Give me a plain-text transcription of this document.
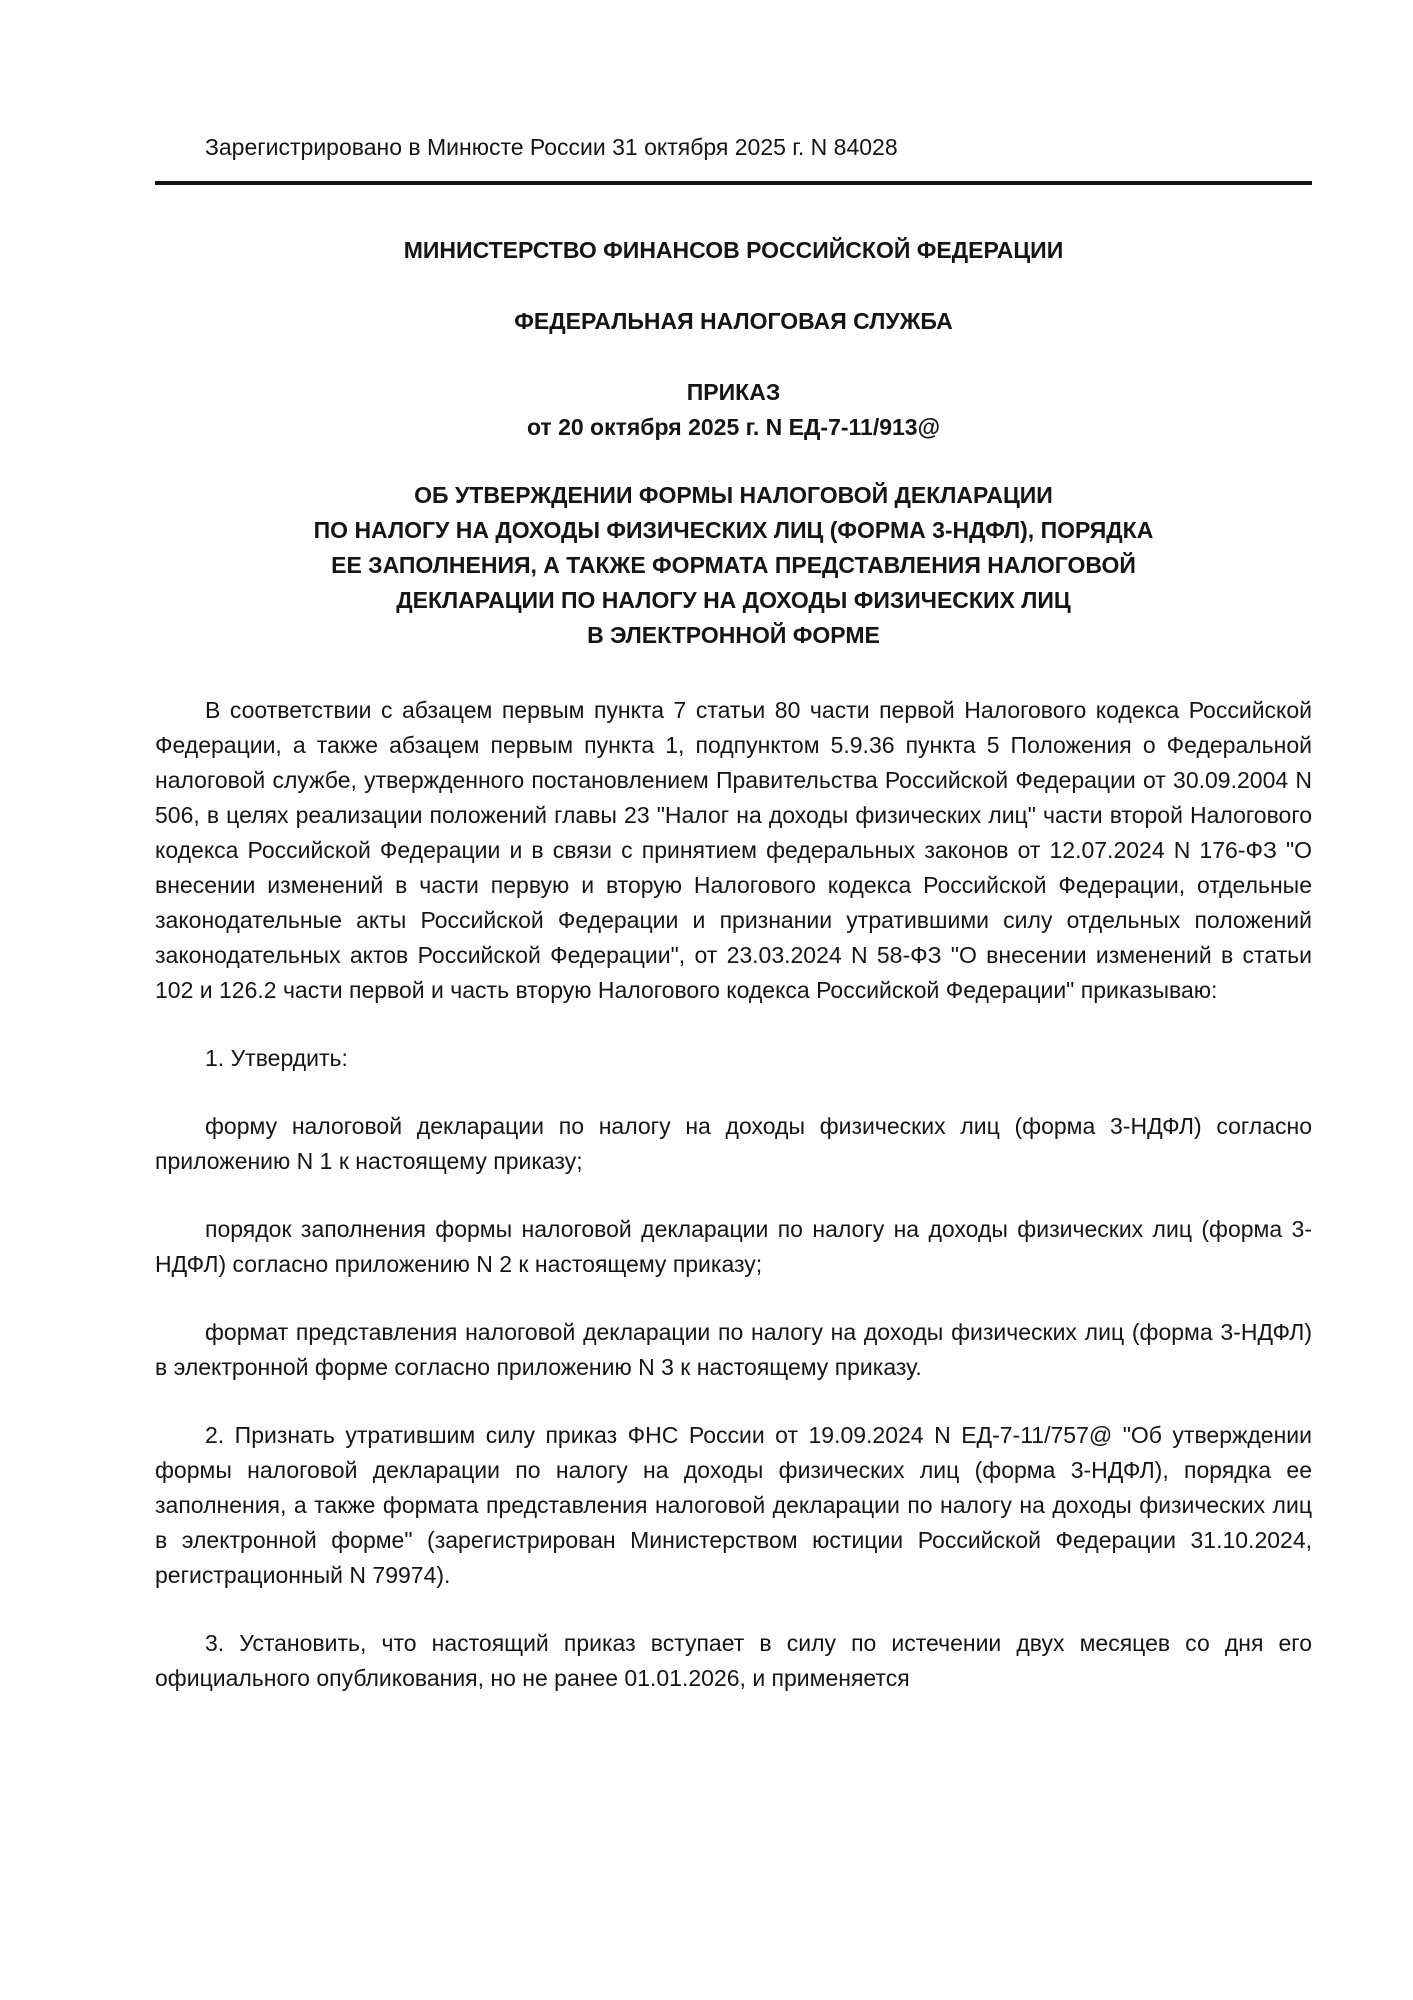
Зарегистрировано в Минюсте России 31 октября 2025 г. N 84028
МИНИСТЕРСТВО ФИНАНСОВ РОССИЙСКОЙ ФЕДЕРАЦИИ
ФЕДЕРАЛЬНАЯ НАЛОГОВАЯ СЛУЖБА
ПРИКАЗ
от 20 октября 2025 г. N ЕД-7-11/913@
ОБ УТВЕРЖДЕНИИ ФОРМЫ НАЛОГОВОЙ ДЕКЛАРАЦИИ
ПО НАЛОГУ НА ДОХОДЫ ФИЗИЧЕСКИХ ЛИЦ (ФОРМА 3-НДФЛ), ПОРЯДКА
ЕЕ ЗАПОЛНЕНИЯ, А ТАКЖЕ ФОРМАТА ПРЕДСТАВЛЕНИЯ НАЛОГОВОЙ
ДЕКЛАРАЦИИ ПО НАЛОГУ НА ДОХОДЫ ФИЗИЧЕСКИХ ЛИЦ
В ЭЛЕКТРОННОЙ ФОРМЕ

В соответствии с абзацем первым пункта 7 статьи 80 части первой Налогового кодекса Российской Федерации, а также абзацем первым пункта 1, подпунктом 5.9.36 пункта 5 Положения о Федеральной налоговой службе, утвержденного постановлением Правительства Российской Федерации от 30.09.2004 N 506, в целях реализации положений главы 23 "Налог на доходы физических лиц" части второй Налогового кодекса Российской Федерации и в связи с принятием федеральных законов от 12.07.2024 N 176-ФЗ "О внесении изменений в части первую и вторую Налогового кодекса Российской Федерации, отдельные законодательные акты Российской Федерации и признании утратившими силу отдельных положений законодательных актов Российской Федерации", от 23.03.2024 N 58-ФЗ "О внесении изменений в статьи 102 и 126.2 части первой и часть вторую Налогового кодекса Российской Федерации" приказываю:

1. Утвердить:

форму налоговой декларации по налогу на доходы физических лиц (форма 3-НДФЛ) согласно приложению N 1 к настоящему приказу;

порядок заполнения формы налоговой декларации по налогу на доходы физических лиц (форма 3-НДФЛ) согласно приложению N 2 к настоящему приказу;

формат представления налоговой декларации по налогу на доходы физических лиц (форма 3-НДФЛ) в электронной форме согласно приложению N 3 к настоящему приказу.

2. Признать утратившим силу приказ ФНС России от 19.09.2024 N ЕД-7-11/757@ "Об утверждении формы налоговой декларации по налогу на доходы физических лиц (форма 3-НДФЛ), порядка ее заполнения, а также формата представления налоговой декларации по налогу на доходы физических лиц в электронной форме" (зарегистрирован Министерством юстиции Российской Федерации 31.10.2024, регистрационный N 79974).

3. Установить, что настоящий приказ вступает в силу по истечении двух месяцев со дня его официального опубликования, но не ранее 01.01.2026, и применяется
